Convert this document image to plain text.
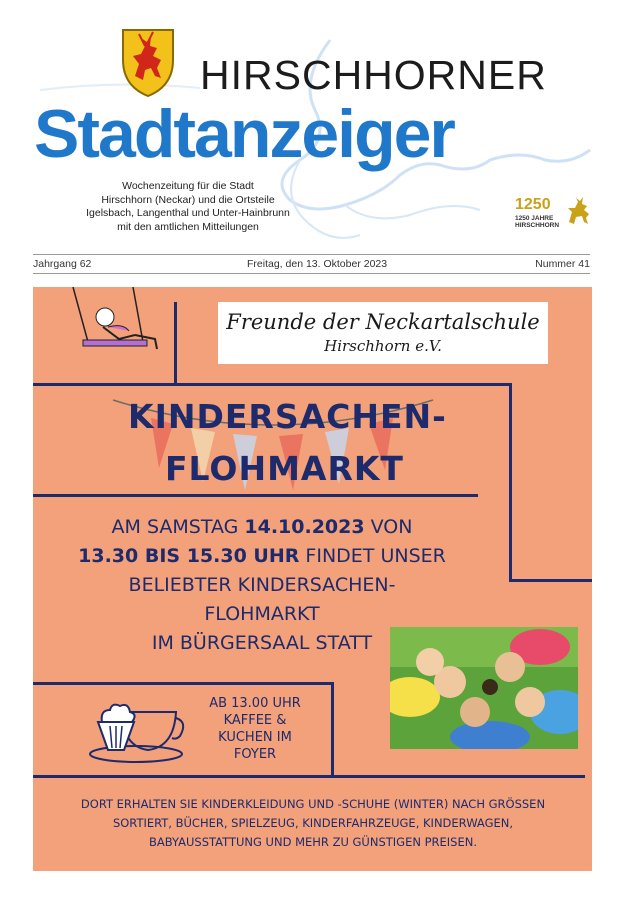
HIRSCHHORNER
Stadtanzeiger
Wochenzeitung für die Stadt
Hirschhorn (Neckar) und die Ortsteile
Igelsbach, Langenthal und Unter-Hainbrunn
mit den amtlichen Mitteilungen
1250
1250 JAHRE
HIRSCHHORN
Jahrgang 62	Freitag, den 13. Oktober 2023	Nummer 41
Freunde der Neckartalschule
Hirschhorn e.V.
KINDERSACHEN-
FLOHMARKT
AM SAMSTAG 14.10.2023 VON
13.30 BIS 15.30 UHR FINDET UNSER
BELIEBTER KINDERSACHEN-
FLOHMARKT
IM BÜRGERSAAL STATT
AB 13.00 UHR
KAFFEE &
KUCHEN IM
FOYER
DORT ERHALTEN SIE KINDERKLEIDUNG UND -SCHUHE (WINTER) NACH GRÖSSEN
SORTIERT, BÜCHER, SPIELZEUG, KINDERFAHRZEUGE, KINDERWAGEN,
BABYAUSSTATTUNG UND MEHR ZU GÜNSTIGEN PREISEN.
